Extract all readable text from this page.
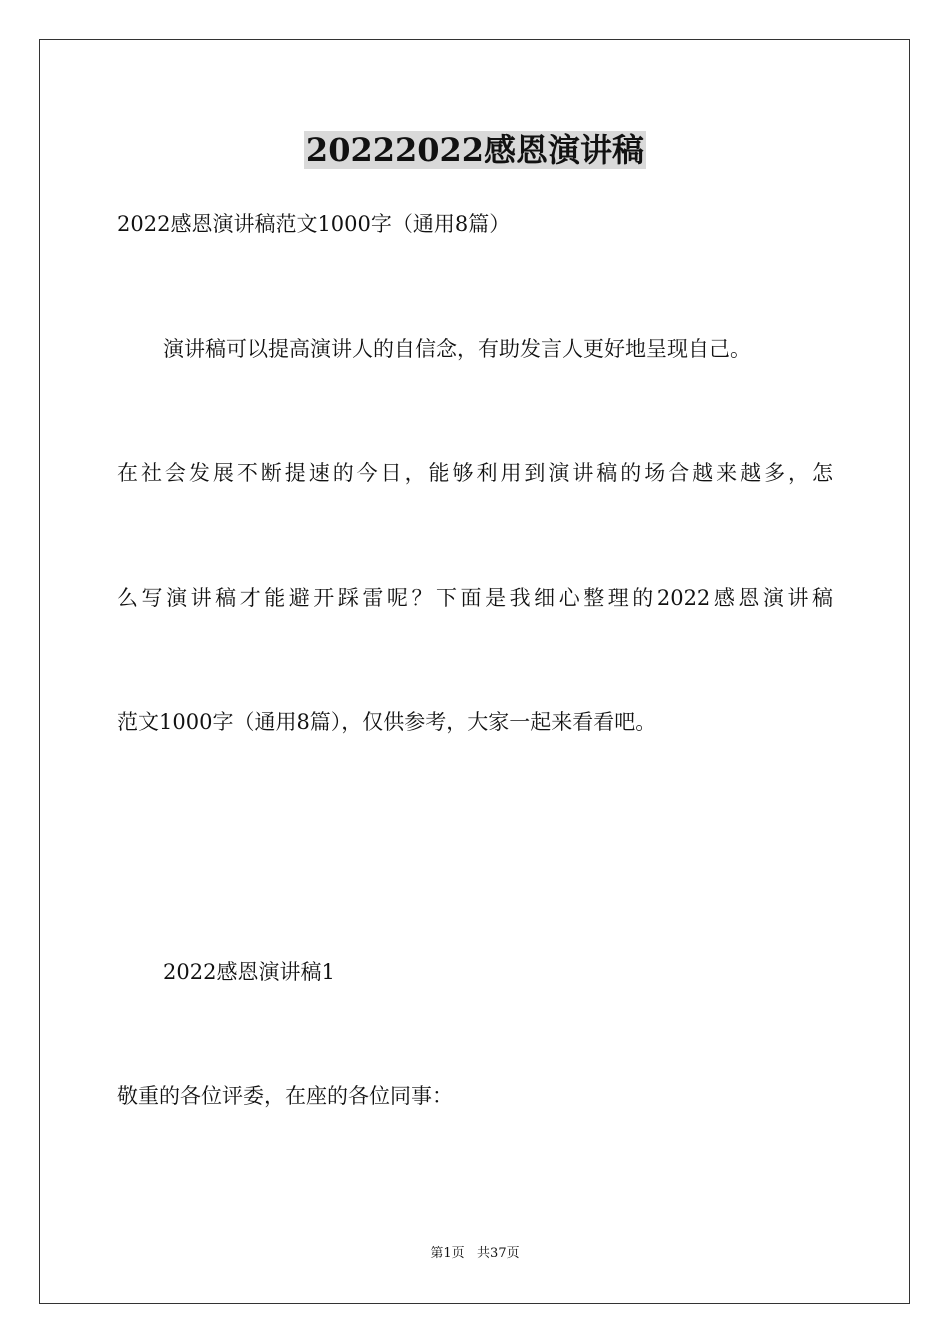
20222022感恩演讲稿
2022感恩演讲稿范文1000字（通用8篇）
演讲稿可以提高演讲人的自信念，有助发言人更好地呈现自己。
在社会发展不断提速的今日，能够利用到演讲稿的场合越来越多，怎
么写演讲稿才能避开踩雷呢？下面是我细心整理的2022感恩演讲稿
范文1000字（通用8篇），仅供参考，大家一起来看看吧。
2022感恩演讲稿1
敬重的各位评委，在座的各位同事：
第1页   共37页
